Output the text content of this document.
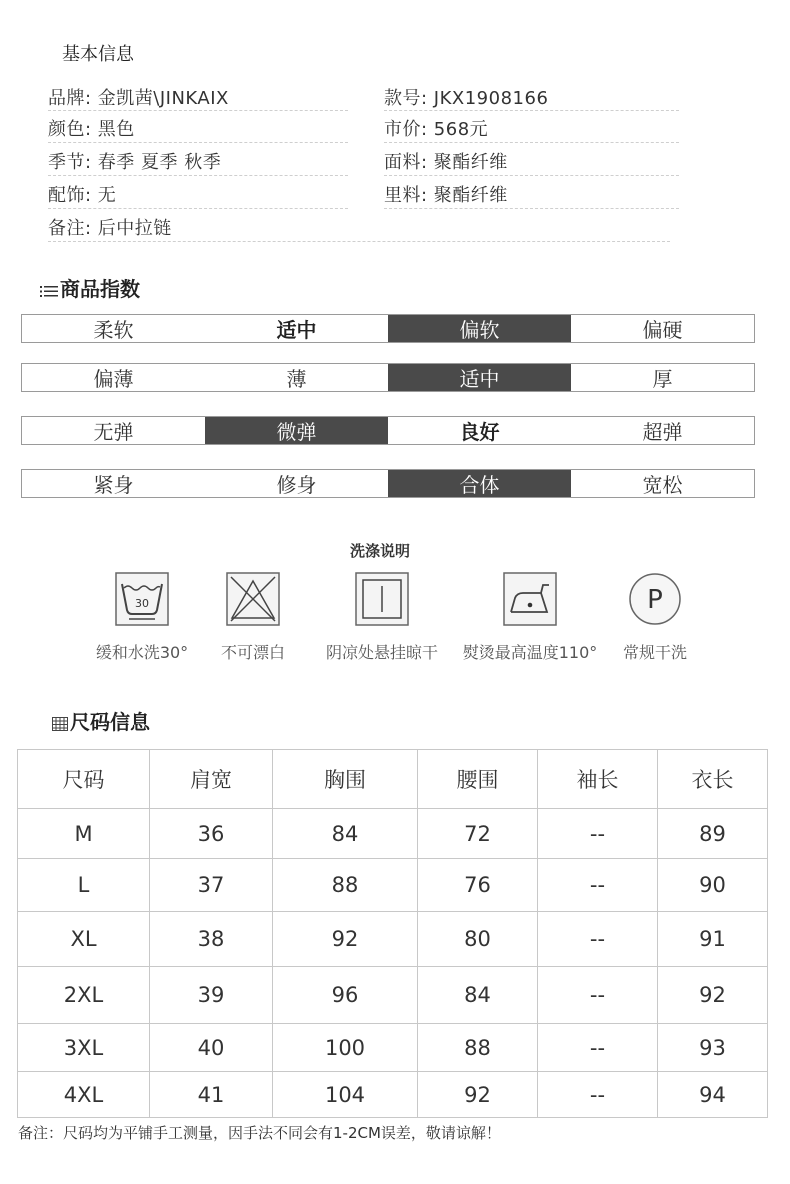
基本信息
品牌: 金凯茜\JINKAIX	款号: JKX1908166
颜色: 黑色	市价: 568元
季节: 春季 夏季 秋季	面料: 聚酯纤维
配饰: 无	里料: 聚酯纤维
备注: 后中拉链
商品指数
柔软	适中	偏软	偏硬
偏薄	薄	适中	厚
无弹	微弹	良好	超弹
紧身	修身	合体	宽松
洗涤说明
30
缓和水洗30°	不可漂白	阴凉处悬挂晾干	熨烫最高温度110°
P
常规干洗
尺码信息
尺码	肩宽	胸围	腰围	袖长	衣长
M	36	84	72	--	89
L	37	88	76	--	90
XL	38	92	80	--	91
2XL	39	96	84	--	92
3XL	40	100	88	--	93
4XL	41	104	92	--	94
备注：尺码均为平铺手工测量，因手法不同会有1-2CM误差，敬请谅解！
